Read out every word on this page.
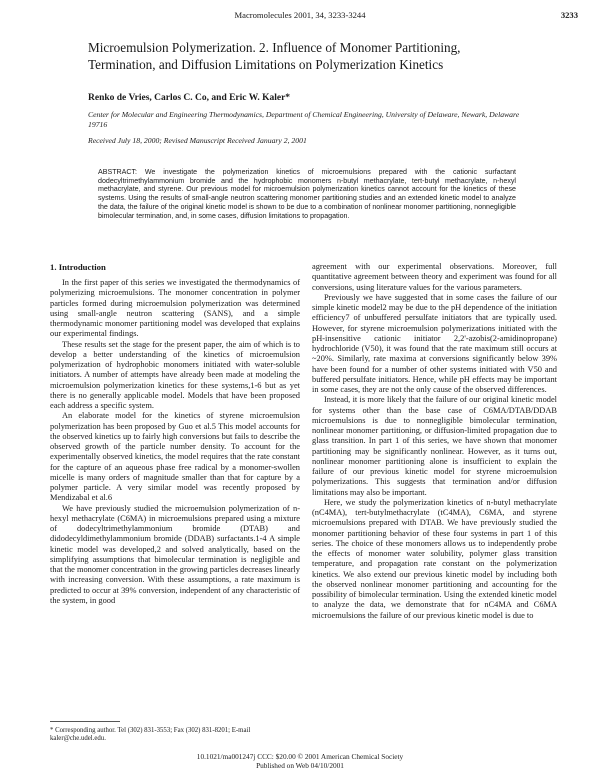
Macromolecules 2001, 34, 3233-3244	3233
Microemulsion Polymerization. 2. Influence of Monomer Partitioning, Termination, and Diffusion Limitations on Polymerization Kinetics
Renko de Vries, Carlos C. Co, and Eric W. Kaler*
Center for Molecular and Engineering Thermodynamics, Department of Chemical Engineering, University of Delaware, Newark, Delaware 19716
Received July 18, 2000; Revised Manuscript Received January 2, 2001
ABSTRACT: We investigate the polymerization kinetics of microemulsions prepared with the cationic surfactant dodecyltrimethylammonium bromide and the hydrophobic monomers n-butyl methacrylate, tert-butyl methacrylate, n-hexyl methacrylate, and styrene. Our previous model for microemulsion polymerization kinetics cannot account for the kinetics of these systems. Using the results of small-angle neutron scattering monomer partitioning studies and an extended kinetic model to analyze the data, the failure of the original kinetic model is shown to be due to a combination of nonlinear monomer partitioning, nonnegligible bimolecular termination, and, in some cases, diffusion limitations to propagation.
1. Introduction

In the first paper of this series we investigated the thermodynamics of polymerizing microemulsions. The monomer concentration in polymer particles formed during microemulsion polymerization was determined using small-angle neutron scattering (SANS), and a simple thermodynamic monomer partitioning model was developed that explains our experimental findings.

These results set the stage for the present paper, the aim of which is to develop a better understanding of the kinetics of microemulsion polymerization of hydrophobic monomers initiated with water-soluble initiators. A number of attempts have already been made at modeling the microemulsion polymerization kinetics for these systems,1-6 but as yet there is no generally applicable model. Models that have been proposed each address a specific system.

An elaborate model for the kinetics of styrene microemulsion polymerization has been proposed by Guo et al.5 This model accounts for the observed kinetics up to fairly high conversions but fails to describe the observed growth of the particle number density. To account for the experimentally observed kinetics, the model requires that the rate constant for the capture of an aqueous phase free radical by a monomer-swollen micelle is many orders of magnitude smaller than that for capture by a polymer particle. A very similar model was recently proposed by Mendizabal et al.6

We have previously studied the microemulsion polymerization of n-hexyl methacrylate (C6MA) in microemulsions prepared using a mixture of dodecyltrimethylammonium bromide (DTAB) and didodecyldimethylammonium bromide (DDAB) surfactants.1-4 A simple kinetic model was developed,2 and solved analytically, based on the simplifying assumptions that bimolecular termination is negligible and that the monomer concentration in the growing particles decreases linearly with increasing conversion. With these assumptions, a rate maximum is predicted to occur at 39% conversion, independent of any characteristic of the system, in good

agreement with our experimental observations. Moreover, full quantitative agreement between theory and experiment was found for all conversions, using literature values for the various parameters.

Previously we have suggested that in some cases the failure of our simple kinetic model2 may be due to the pH dependence of the initiation efficiency7 of unbuffered persulfate initiators that are typically used. However, for styrene microemulsion polymerizations initiated with the pH-insensitive cationic initiator 2,2'-azobis(2-amidinopropane) hydrochloride (V50), it was found that the rate maximum still occurs at ~20%. Similarly, rate maxima at conversions significantly below 39% have been found for a number of other systems initiated with V50 and buffered persulfate initiators. Hence, while pH effects may be important in some cases, they are not the only cause of the observed differences.

Instead, it is more likely that the failure of our original kinetic model for systems other than the base case of C6MA/DTAB/DDAB microemulsions is due to nonnegligible bimolecular termination, nonlinear monomer partitioning, or diffusion-limited propagation due to glass transition. In part 1 of this series, we have shown that monomer partitioning may be significantly nonlinear. However, as it turns out, nonlinear monomer partitioning alone is insufficient to explain the failure of our previous kinetic model for styrene microemulsion polymerizations. This suggests that termination and/or diffusion limitations may also be important.

Here, we study the polymerization kinetics of n-butyl methacrylate (nC4MA), tert-butylmethacrylate (tC4MA), C6MA, and styrene microemulsions prepared with DTAB. We have previously studied the monomer partitioning behavior of these four systems in part 1 of this series. The choice of these monomers allows us to independently probe the effects of monomer water solubility, polymer glass transition temperature, and propagation rate constant on the polymerization kinetics. We also extend our previous kinetic model by including both the observed nonlinear monomer partitioning and accounting for the possibility of bimolecular termination. Using the extended kinetic model to analyze the data, we demonstrate that for nC4MA and C6MA microemulsions the failure of our previous kinetic model is due to

* Corresponding author. Tel (302) 831-3553; Fax (302) 831-8201; E-mail kaler@che.udel.edu.
10.1021/ma001247j CCC: $20.00 © 2001 American Chemical Society
Published on Web 04/10/2001
